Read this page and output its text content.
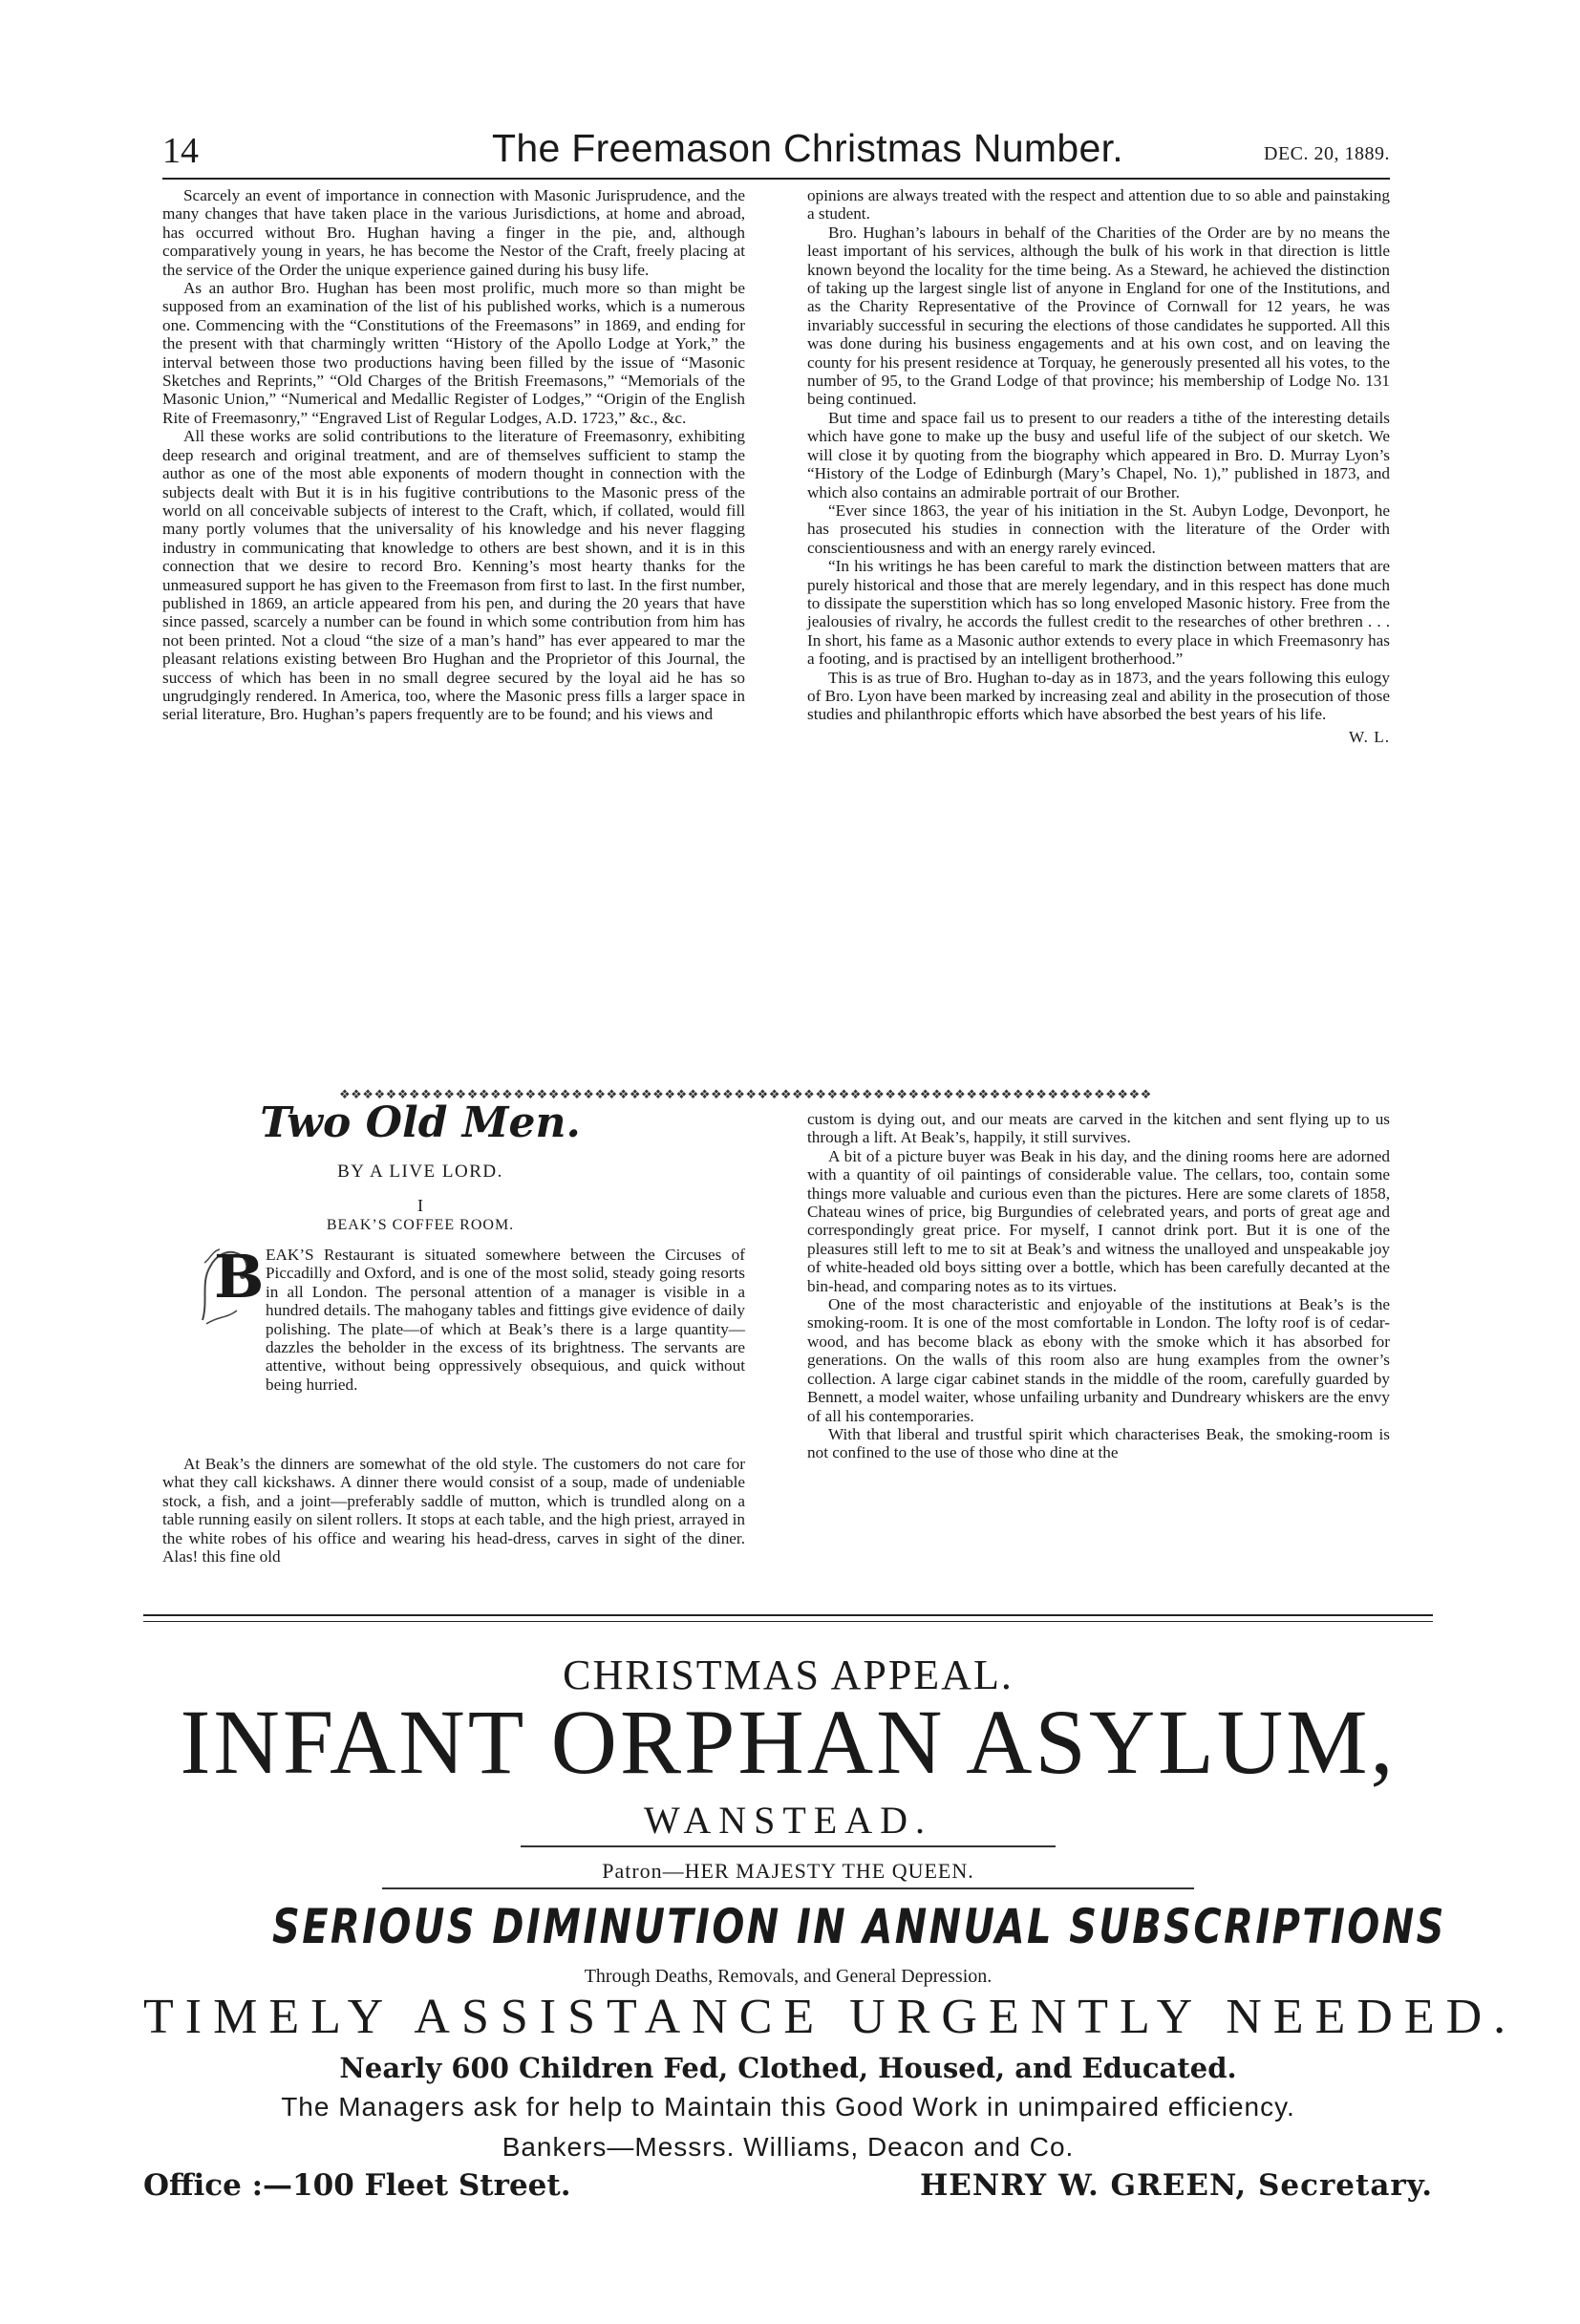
14	The Freemason Christmas Number.	DEC. 20, 1889.

Scarcely an event of importance in connection with Masonic Jurisprudence, and the many changes that have taken place in the various Jurisdictions, at home and abroad, has occurred without Bro. Hughan having a finger in the pie, and, although comparatively young in years, he has become the Nestor of the Craft, freely placing at the service of the Order the unique experience gained during his busy life.

As an author Bro. Hughan has been most prolific, much more so than might be supposed from an examination of the list of his published works, which is a numerous one. Commencing with the “Constitutions of the Freemasons” in 1869, and ending for the present with that charmingly written “History of the Apollo Lodge at York,” the interval between those two productions having been filled by the issue of “Masonic Sketches and Reprints,” “Old Charges of the British Freemasons,” “Memorials of the Masonic Union,” “Numerical and Medallic Register of Lodges,” “Origin of the English Rite of Freemasonry,” “Engraved List of Regular Lodges, A.D. 1723,” &c., &c.

All these works are solid contributions to the literature of Freemasonry, exhibiting deep research and original treatment, and are of themselves sufficient to stamp the author as one of the most able exponents of modern thought in connection with the subjects dealt with But it is in his fugitive contributions to the Masonic press of the world on all conceivable subjects of interest to the Craft, which, if collated, would fill many portly volumes that the universality of his knowledge and his never flagging industry in communicating that knowledge to others are best shown, and it is in this connection that we desire to record Bro. Kenning’s most hearty thanks for the unmeasured support he has given to the Freemason from first to last. In the first number, published in 1869, an article appeared from his pen, and during the 20 years that have since passed, scarcely a number can be found in which some contribution from him has not been printed. Not a cloud “the size of a man’s hand” has ever appeared to mar the pleasant relations existing between Bro Hughan and the Proprietor of this Journal, the success of which has been in no small degree secured by the loyal aid he has so ungrudgingly rendered. In America, too, where the Masonic press fills a larger space in serial literature, Bro. Hughan’s papers frequently are to be found; and his views and

opinions are always treated with the respect and attention due to so able and painstaking a student.

Bro. Hughan’s labours in behalf of the Charities of the Order are by no means the least important of his services, although the bulk of his work in that direction is little known beyond the locality for the time being. As a Steward, he achieved the distinction of taking up the largest single list of anyone in England for one of the Institutions, and as the Charity Representative of the Province of Cornwall for 12 years, he was invariably successful in securing the elections of those candidates he supported. All this was done during his business engagements and at his own cost, and on leaving the county for his present residence at Torquay, he generously presented all his votes, to the number of 95, to the Grand Lodge of that province; his membership of Lodge No. 131 being continued.

But time and space fail us to present to our readers a tithe of the interesting details which have gone to make up the busy and useful life of the subject of our sketch. We will close it by quoting from the biography which appeared in Bro. D. Murray Lyon’s “History of the Lodge of Edinburgh (Mary’s Chapel, No. 1),” published in 1873, and which also contains an admirable portrait of our Brother.

“Ever since 1863, the year of his initiation in the St. Aubyn Lodge, Devonport, he has prosecuted his studies in connection with the literature of the Order with conscientiousness and with an energy rarely evinced.

“In his writings he has been careful to mark the distinction between matters that are purely historical and those that are merely legendary, and in this respect has done much to dissipate the superstition which has so long enveloped Masonic history. Free from the jealousies of rivalry, he accords the fullest credit to the researches of other brethren . . . In short, his fame as a Masonic author extends to every place in which Freemasonry has a footing, and is practised by an intelligent brotherhood.”

This is as true of Bro. Hughan to-day as in 1873, and the years following this eulogy of Bro. Lyon have been marked by increasing zeal and ability in the prosecution of those studies and philanthropic efforts which have absorbed the best years of his life.

W. L.

❖❖❖❖❖❖❖❖❖❖❖❖❖❖❖❖❖❖❖❖❖❖❖❖❖❖❖❖❖❖❖❖❖❖❖❖❖❖❖❖❖❖❖❖❖❖❖❖❖❖❖❖❖❖❖❖❖❖❖❖❖❖❖❖❖❖❖❖❖❖
Two Old Men.
BY A LIVE LORD.
I
BEAK’S COFFEE ROOM.
B EAK’S Restaurant is situated somewhere between the Circuses of Piccadilly and Oxford, and is one of the most solid, steady going resorts in all London. The personal attention of a manager is visible in a hundred details. The mahogany tables and fittings give evidence of daily polishing. The plate—of which at Beak’s there is a large quantity—dazzles the beholder in the excess of its brightness. The servants are attentive, without being oppressively obsequious, and quick without being hurried.

At Beak’s the dinners are somewhat of the old style. The customers do not care for what they call kickshaws. A dinner there would consist of a soup, made of undeniable stock, a fish, and a joint—preferably saddle of mutton, which is trundled along on a table running easily on silent rollers. It stops at each table, and the high priest, arrayed in the white robes of his office and wearing his head-dress, carves in sight of the diner. Alas! this fine old

custom is dying out, and our meats are carved in the kitchen and sent flying up to us through a lift. At Beak’s, happily, it still survives.

A bit of a picture buyer was Beak in his day, and the dining rooms here are adorned with a quantity of oil paintings of considerable value. The cellars, too, contain some things more valuable and curious even than the pictures. Here are some clarets of 1858, Chateau wines of price, big Burgundies of celebrated years, and ports of great age and correspondingly great price. For myself, I cannot drink port. But it is one of the pleasures still left to me to sit at Beak’s and witness the unalloyed and unspeakable joy of white-headed old boys sitting over a bottle, which has been carefully decanted at the bin-head, and comparing notes as to its virtues.

One of the most characteristic and enjoyable of the institutions at Beak’s is the smoking-room. It is one of the most comfortable in London. The lofty roof is of cedar-wood, and has become black as ebony with the smoke which it has absorbed for generations. On the walls of this room also are hung examples from the owner’s collection. A large cigar cabinet stands in the middle of the room, carefully guarded by Bennett, a model waiter, whose unfailing urbanity and Dundreary whiskers are the envy of all his contemporaries.

With that liberal and trustful spirit which characterises Beak, the smoking-room is not confined to the use of those who dine at the

CHRISTMAS APPEAL.
INFANT ORPHAN ASYLUM,
WANSTEAD.
Patron—HER MAJESTY THE QUEEN.
SERIOUS DIMINUTION IN ANNUAL SUBSCRIPTIONS
Through Deaths, Removals, and General Depression.
TIMELY ASSISTANCE URGENTLY NEEDED.
Nearly 600 Children Fed, Clothed, Housed, and Educated.
The Managers ask for help to Maintain this Good Work in unimpaired efficiency.
Bankers—Messrs. Williams, Deacon and Co.
Office :—100 Fleet Street.	HENRY W. GREEN, Secretary.
